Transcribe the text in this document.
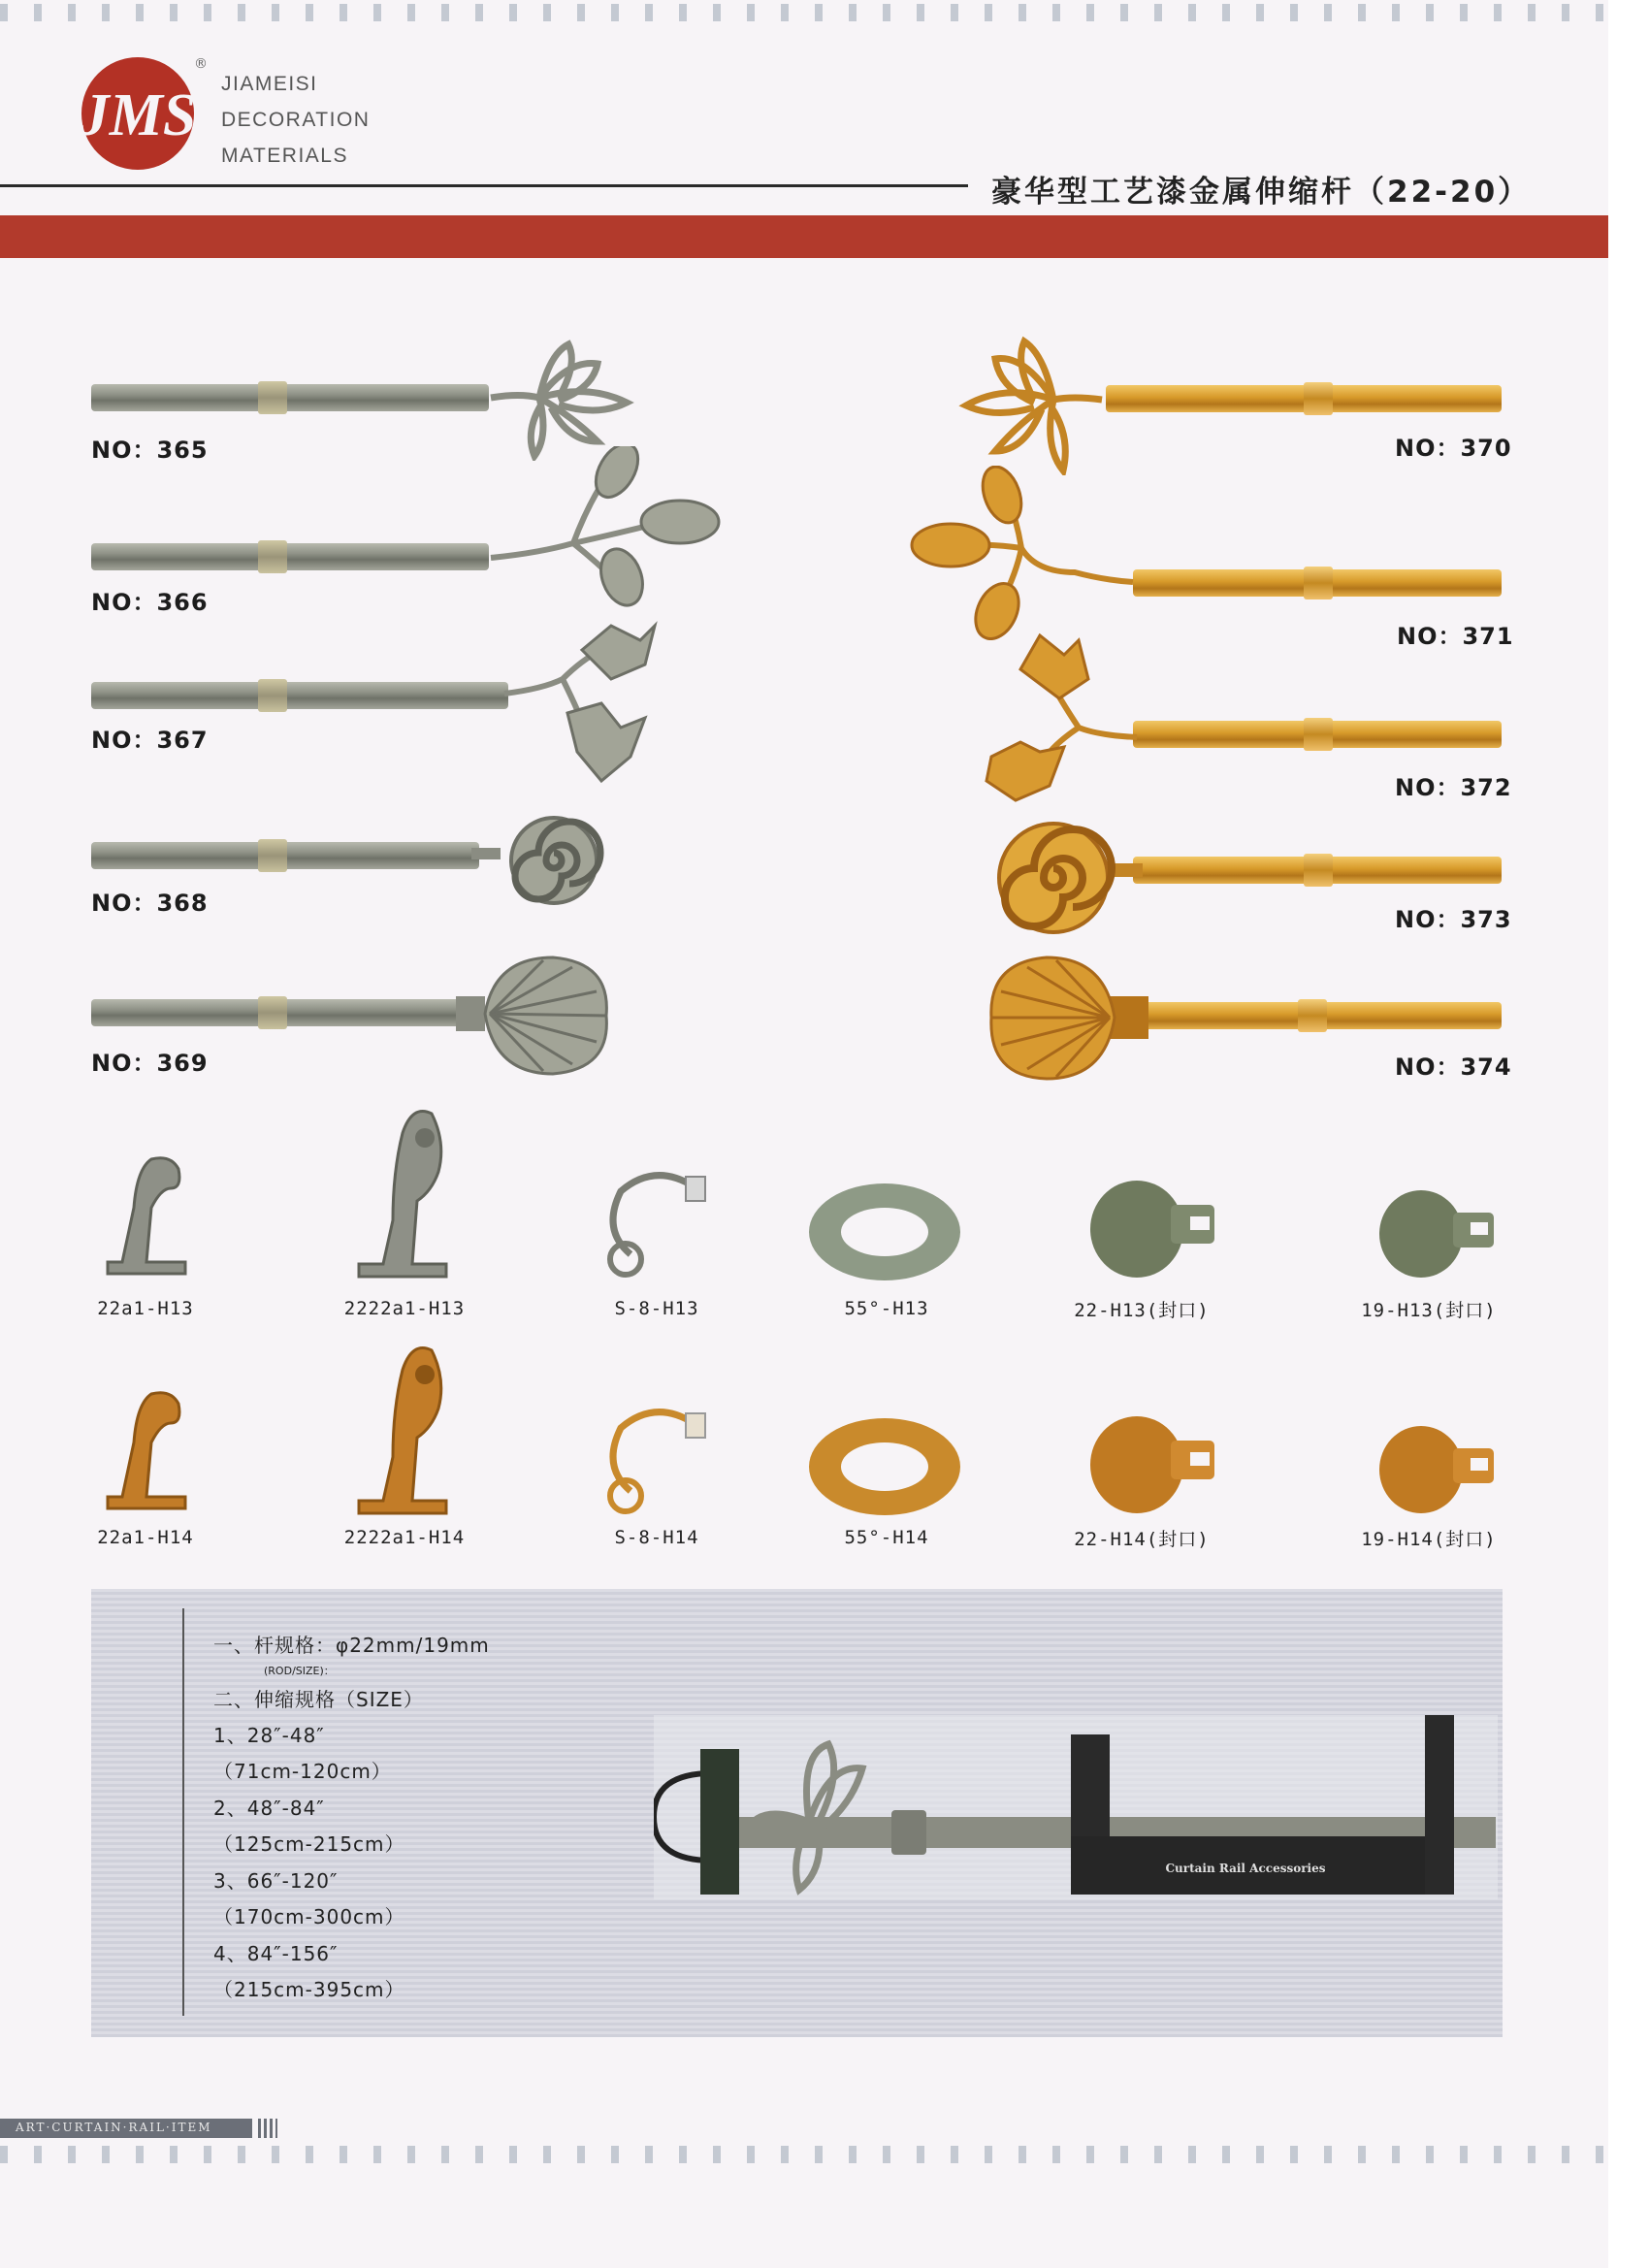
JMS
®
JIAMEISI
DECORATION
MATERIALS
豪华型工艺漆金属伸缩杆（22-20）
NO：365
NO：366
NO：367
NO：368
NO：369
NO：370
NO：371
NO：372
NO：373
NO：374
22a1-H13	2222a1-H13	S-8-H13	55°-H13	22-H13(封口)	19-H13(封口)
22a1-H14	2222a1-H14	S-8-H14	55°-H14	22-H14(封口)	19-H14(封口)
一、杆规格：φ22mm/19mm
(ROD/SIZE)：
二、伸缩规格（SIZE）
1、28″-48″
（71cm-120cm）
2、48″-84″
（125cm-215cm）
3、66″-120″
（170cm-300cm）
4、84″-156″
（215cm-395cm）
Curtain Rail Accessories
ART·CURTAIN·RAIL·ITEM
